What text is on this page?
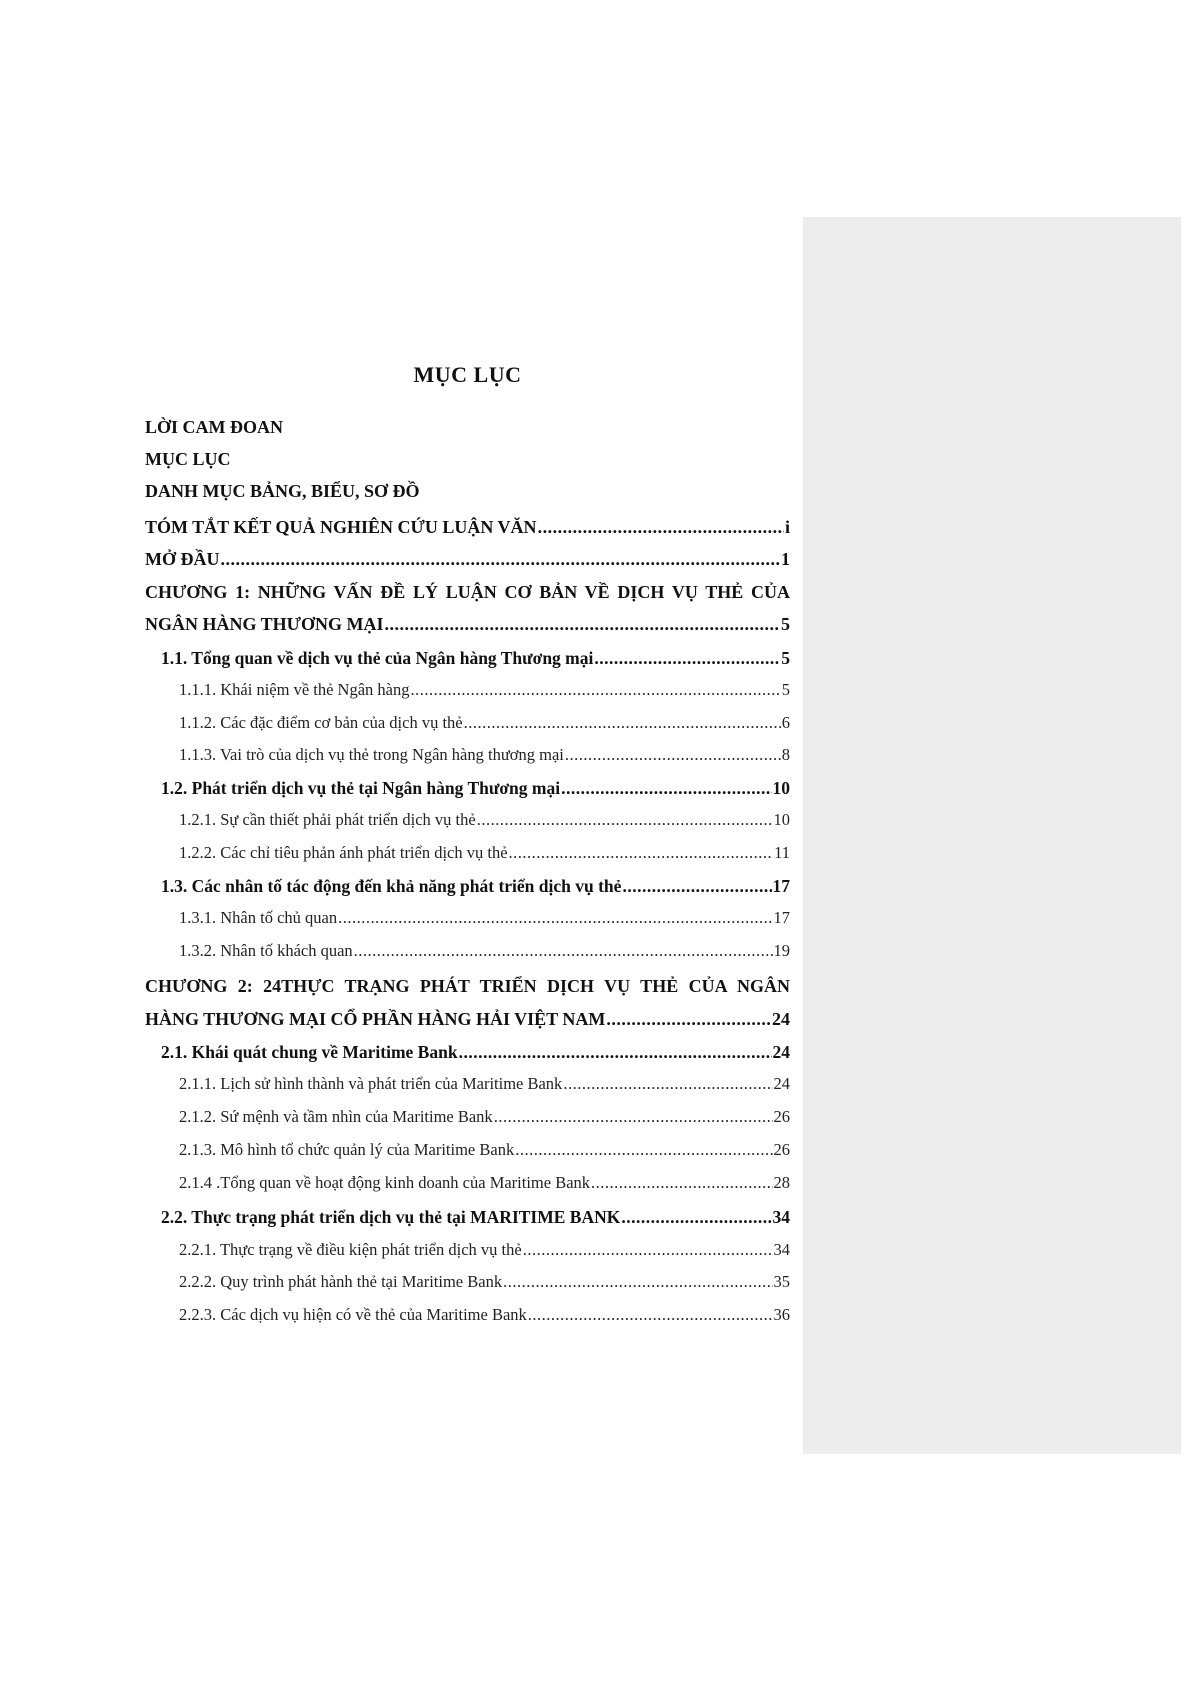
MỤC LỤC
LỜI CAM ĐOAN
MỤC LỤC
DANH MỤC BẢNG, BIỂU, SƠ ĐỒ
TÓM TẮT KẾT QUẢ NGHIÊN CỨU LUẬN VĂN .....	i
MỞ ĐẦU .....	1
CHƯƠNG 1: NHỮNG VẤN ĐỀ LÝ LUẬN CƠ BẢN VỀ DỊCH VỤ THẺ CỦA
NGÂN HÀNG THƯƠNG MẠI .....	5
1.1. Tổng quan về dịch vụ thẻ của Ngân hàng Thương mại .....	5
1.1.1. Khái niệm về thẻ Ngân hàng .....	5
1.1.2. Các đặc điểm cơ bản của dịch vụ thẻ .....	6
1.1.3. Vai trò của dịch vụ thẻ trong Ngân hàng thương mại .....	8
1.2. Phát triển dịch vụ thẻ tại Ngân hàng Thương mại .....	10
1.2.1. Sự cần thiết phải phát triển dịch vụ thẻ .....	10
1.2.2. Các chỉ tiêu phản ánh phát triển dịch vụ thẻ .....	11
1.3. Các nhân tố tác động đến khả năng phát triển dịch vụ thẻ .....	17
1.3.1. Nhân tố chủ quan .....	17
1.3.2. Nhân tố khách quan .....	19
CHƯƠNG 2: 24THỰC TRẠNG PHÁT TRIỂN DỊCH VỤ THẺ CỦA NGÂN
HÀNG THƯƠNG MẠI CỔ PHẦN HÀNG HẢI VIỆT NAM .....	24
2.1. Khái quát chung về Maritime Bank .....	24
2.1.1. Lịch sử hình thành và phát triển của Maritime Bank .....	24
2.1.2. Sứ mệnh và tầm nhìn của Maritime Bank .....	26
2.1.3. Mô hình tổ chức quản lý của Maritime Bank .....	26
2.1.4 .Tổng quan về hoạt động kinh doanh của Maritime Bank .....	28
2.2. Thực trạng phát triển dịch vụ thẻ tại MARITIME BANK .....	34
2.2.1. Thực trạng về điều kiện phát triển dịch vụ thẻ .....	34
2.2.2. Quy trình phát hành thẻ tại Maritime Bank .....	35
2.2.3. Các dịch vụ hiện có về thẻ của Maritime Bank .....	36
